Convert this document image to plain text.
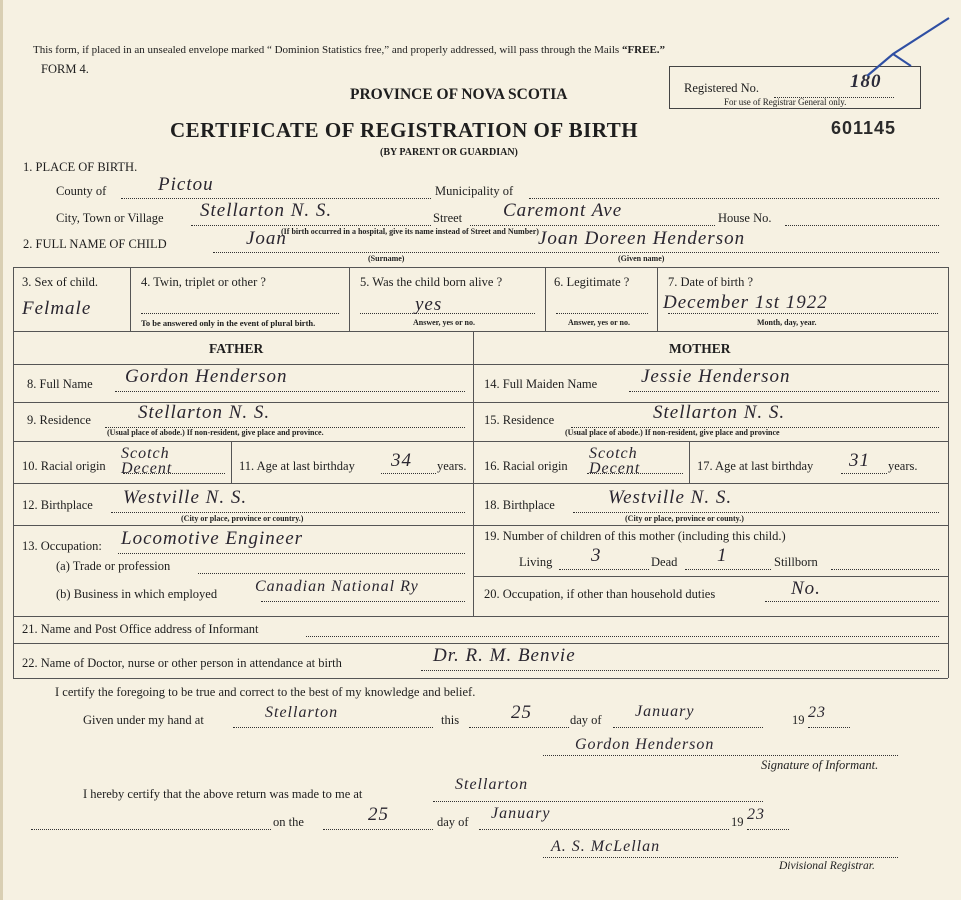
This form, if placed in an unsealed envelope marked “ Dominion Statistics free,” and properly addressed, will pass through the Mails “FREE.”
FORM 4.
Registered No.
For use of Registrar General only.
180
PROVINCE OF NOVA SCOTIA
CERTIFICATE OF REGISTRATION OF BIRTH
(BY PARENT OR GUARDIAN)
601145
1. PLACE OF BIRTH.
County of	Pictou	Municipality of
City, Town or Village Stellarton N. S.	Street Caremont Ave	House No.
(If birth occurred in a hospital, give its name instead of Street and Number)
2. FULL NAME OF CHILD	Joan	Joan Doreen Henderson
(Surname)	(Given name)
3. Sex of child.
Felmale
4. Twin, triplet or other ?
To be answered only in the event of plural birth.
5. Was the child born alive ?
yes
Answer, yes or no.
6. Legitimate ?
Answer, yes or no.
7. Date of birth ?
December 1st 1922
Month, day, year.
FATHER	MOTHER
8. Full Name Gordon Henderson
9. Residence Stellarton N. S.
(Usual place of abode.) If non-resident, give place and province.
10. Racial origin
Scotch Decent	11. Age at last birthday 34 years.
12. Birthplace Westville N. S.
(City or place, province or country.)
13. Occupation: Locomotive Engineer
(a) Trade or profession
(b) Business in which employed Canadian National Ry
14. Full Maiden Name Jessie Henderson
15. Residence	Stellarton N. S.
(Usual place of abode.) If non-resident, give place and province
16. Racial origin
Scotch Decent	17. Age at last birthday 31 years.
18. Birthplace	Westville N. S.
(City or place, province or county.)
19. Number of children of this mother (including this child.)
Living 3	Dead 1	Stillborn
20. Occupation, if other than household duties	No.
21. Name and Post Office address of Informant
22. Name of Doctor, nurse or other person in attendance at birth	Dr. R. M. Benvie
I certify the foregoing to be true and correct to the best of my knowledge and belief.
Given under my hand at	Stellarton	this	25	day of January	19 23
Gordon Henderson
Signature of Informant.
I hereby certify that the above return was made to me at
Stellarton
on the	25	day of January	19 23
A. S. McLellan
Divisional Registrar.
